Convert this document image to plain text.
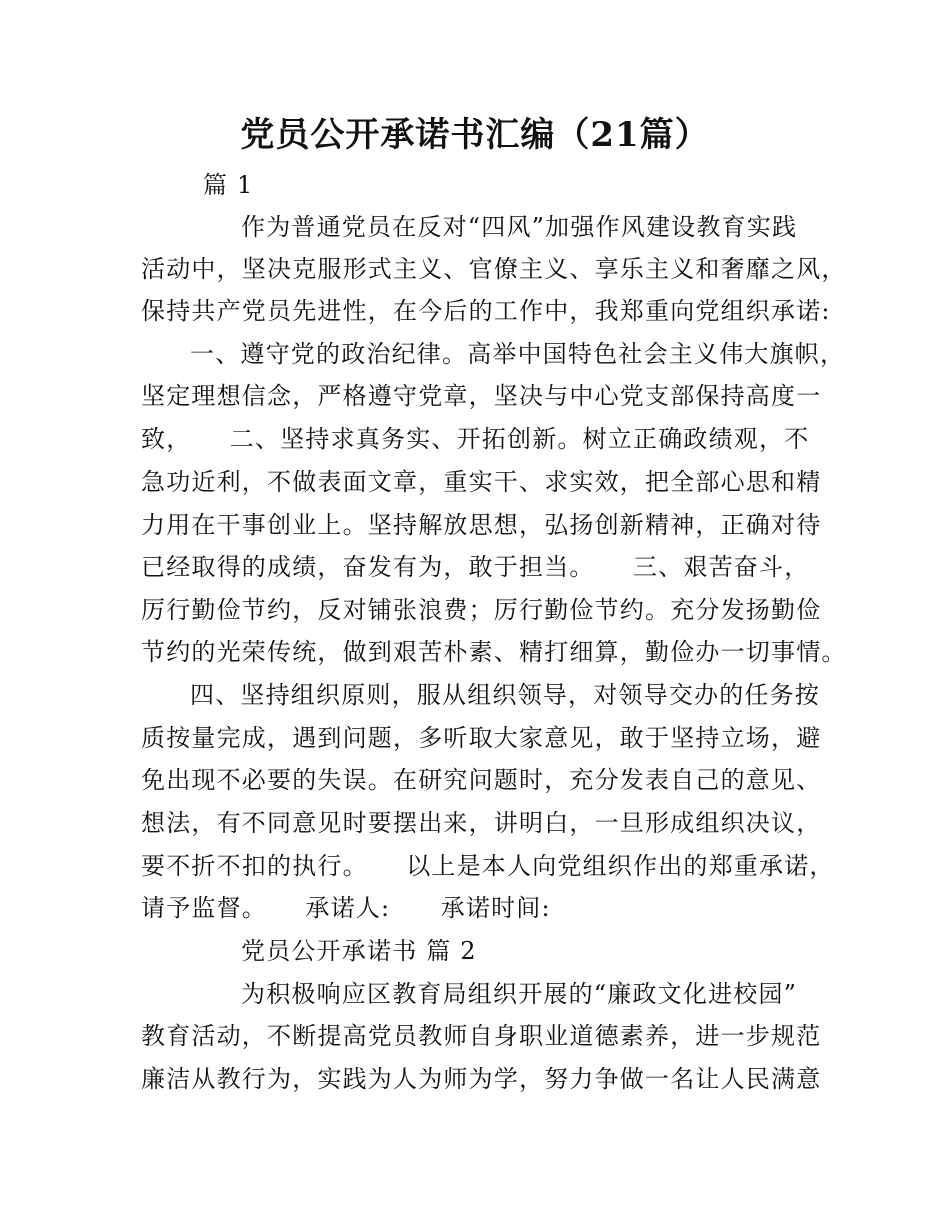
党员公开承诺书汇编（21篇）
篇 1
作为普通党员在反对“四风”加强作风建设教育实践
活动中，坚决克服形式主义、官僚主义、享乐主义和奢靡之风，
保持共产党员先进性，在今后的工作中，我郑重向党组织承诺:
一、遵守党的政治纪律。高举中国特色社会主义伟大旗帜，
坚定理想信念，严格遵守党章，坚决与中心党支部保持高度一
致，　　二、坚持求真务实、开拓创新。树立正确政绩观，不
急功近利，不做表面文章，重实干、求实效，把全部心思和精
力用在干事创业上。坚持解放思想，弘扬创新精神，正确对待
已经取得的成绩，奋发有为，敢于担当。　　三、艰苦奋斗，
厉行勤俭节约，反对铺张浪费；厉行勤俭节约。充分发扬勤俭
节约的光荣传统，做到艰苦朴素、精打细算，勤俭办一切事情。
四、坚持组织原则，服从组织领导，对领导交办的任务按
质按量完成，遇到问题，多听取大家意见，敢于坚持立场，避
免出现不必要的失误。在研究问题时，充分发表自己的意见、
想法，有不同意见时要摆出来，讲明白，一旦形成组织决议，
要不折不扣的执行。　　以上是本人向党组织作出的郑重承诺，
请予监督。　　承诺人:　　承诺时间:
党员公开承诺书 篇 2
为积极响应区教育局组织开展的“廉政文化进校园”
教育活动，不断提高党员教师自身职业道德素养，进一步规范
廉洁从教行为，实践为人为师为学，努力争做一名让人民满意
